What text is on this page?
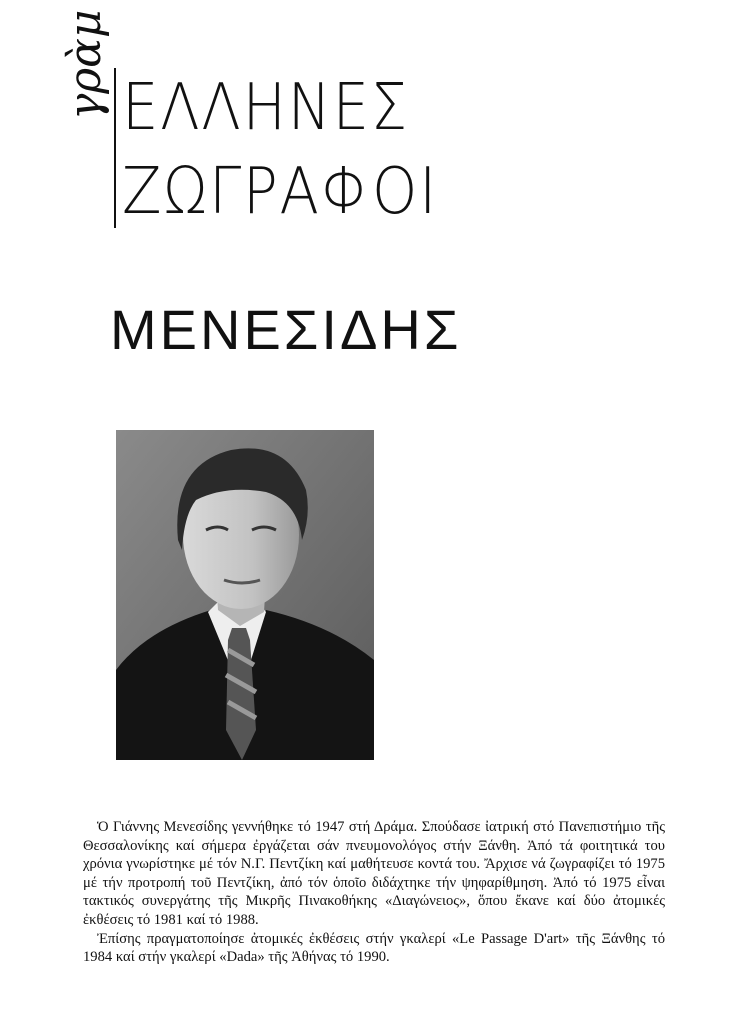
γρὰμ ΕΛΛΗΝΕΣ
ΖΩΓΡΑΦΟΙ
ΜΕΝΕΣΙΔΗΣ

Ὁ Γιάννης Μενεσίδης γεννήθηκε τό 1947 στή Δράμα. Σπούδασε ἰατρική στό Πανεπιστήμιο τῆς Θεσσαλονίκης καί σήμερα ἐργάζεται σάν πνευμονολόγος στήν Ξάνθη. Ἀπό τά φοιτητικά του χρόνια γνωρίστηκε μέ τόν Ν.Γ. Πεντζίκη καί μαθήτευσε κοντά του. Ἄρχισε νά ζωγραφίζει τό 1975 μέ τήν προτροπή τοῦ Πεντζίκη, ἀπό τόν ὁποῖο διδάχτηκε τήν ψηφαρίθμηση. Ἀπό τό 1975 εἶναι τακτικός συνεργάτης τῆς Μικρῆς Πινακοθήκης «Διαγώνειος», ὅπου ἔκανε καί δύο ἀτομικές ἐκθέσεις τό 1981 καί τό 1988.

Ἐπίσης πραγματοποίησε ἀτομικές ἐκθέσεις στήν γκαλερί «Le Passage D'art» τῆς Ξάνθης τό 1984 καί στήν γκαλερί «Dada» τῆς Ἀθήνας τό 1990.
